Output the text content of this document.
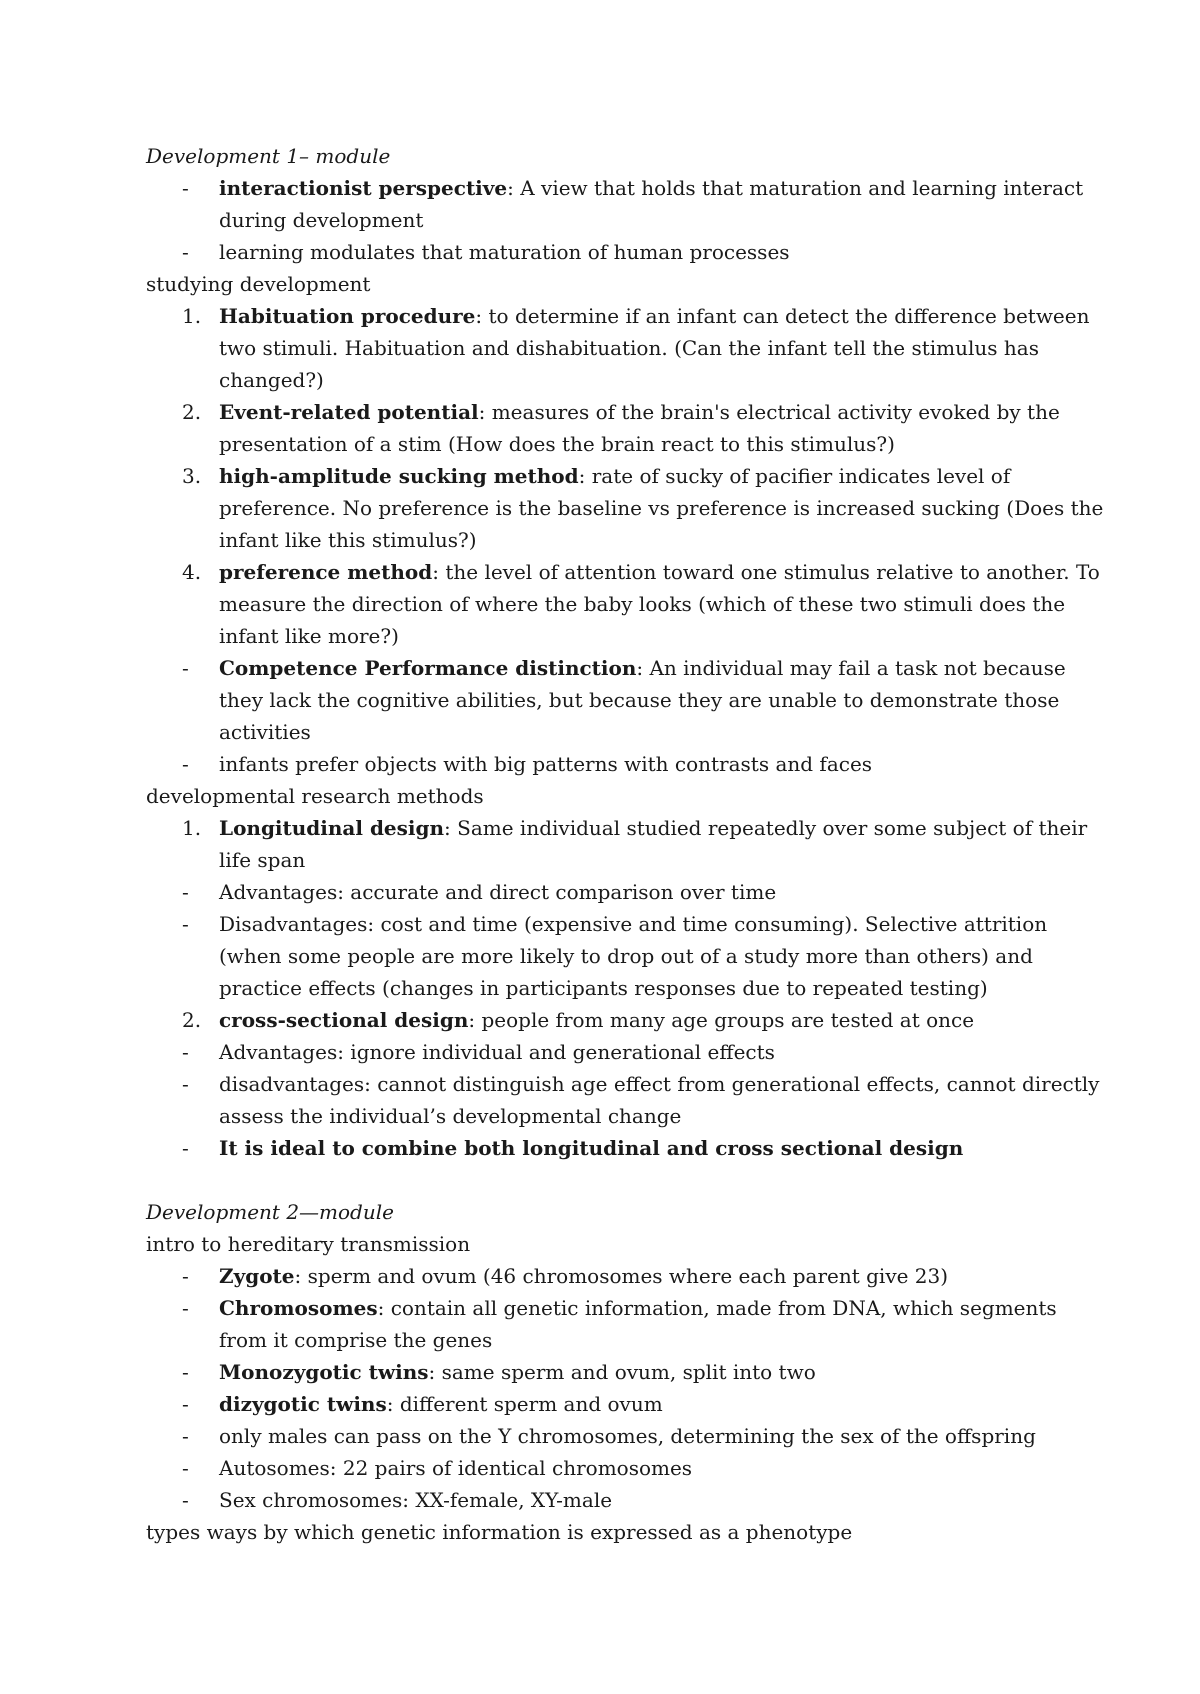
Development 1– module
-	interactionist perspective: A view that holds that maturation and learning interact
during development
-	learning modulates that maturation of human processes
studying development
1. Habituation procedure: to determine if an infant can detect the difference between
two stimuli. Habituation and dishabituation. (Can the infant tell the stimulus has
changed?)
2. Event-related potential: measures of the brain's electrical activity evoked by the
presentation of a stim (How does the brain react to this stimulus?)
3. high-amplitude sucking method: rate of sucky of pacifier indicates level of
preference. No preference is the baseline vs preference is increased sucking (Does the
infant like this stimulus?)
4. preference method: the level of attention toward one stimulus relative to another. To
measure the direction of where the baby looks (which of these two stimuli does the
infant like more?)
-	Competence Performance distinction: An individual may fail a task not because
they lack the cognitive abilities, but because they are unable to demonstrate those
activities
-	infants prefer objects with big patterns with contrasts and faces
developmental research methods
1. Longitudinal design: Same individual studied repeatedly over some subject of their
life span
-	Advantages: accurate and direct comparison over time
-	Disadvantages: cost and time (expensive and time consuming). Selective attrition
(when some people are more likely to drop out of a study more than others) and
practice effects (changes in participants responses due to repeated testing)
2. cross-sectional design: people from many age groups are tested at once
-	Advantages: ignore individual and generational effects
-	disadvantages: cannot distinguish age effect from generational effects, cannot directly
assess the individual’s developmental change
-	It is ideal to combine both longitudinal and cross sectional design
Development 2—module
intro to hereditary transmission
-	Zygote: sperm and ovum (46 chromosomes where each parent give 23)
-	Chromosomes: contain all genetic information, made from DNA, which segments
from it comprise the genes
-	Monozygotic twins: same sperm and ovum, split into two
-	dizygotic twins: different sperm and ovum
-	only males can pass on the Y chromosomes, determining the sex of the offspring
-	Autosomes: 22 pairs of identical chromosomes
-	Sex chromosomes: XX-female, XY-male
types ways by which genetic information is expressed as a phenotype
